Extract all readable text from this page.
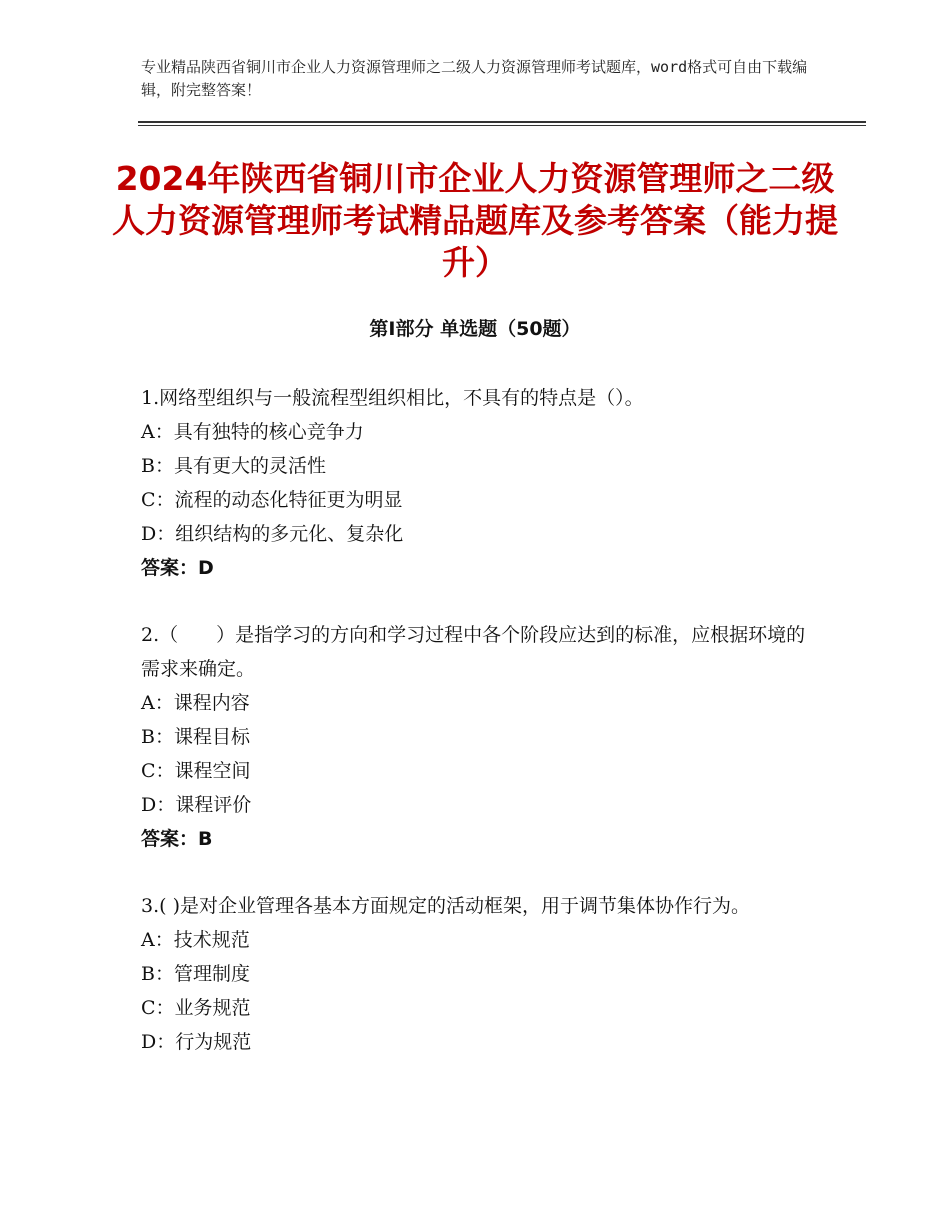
专业精品陕西省铜川市企业人力资源管理师之二级人力资源管理师考试题库，word格式可自由下载编辑，附完整答案！
2024年陕西省铜川市企业人力资源管理师之二级人力资源管理师考试精品题库及参考答案（能力提升）
第Ⅰ部分 单选题（50题）
1.网络型组织与一般流程型组织相比，不具有的特点是（）。
A：具有独特的核心竞争力
B：具有更大的灵活性
C：流程的动态化特征更为明显
D：组织结构的多元化、复杂化
答案：D
2.（　　）是指学习的方向和学习过程中各个阶段应达到的标准，应根据环境的需求来确定。
A：课程内容
B：课程目标
C：课程空间
D：课程评价
答案：B
3.( )是对企业管理各基本方面规定的活动框架，用于调节集体协作行为。
A：技术规范
B：管理制度
C：业务规范
D：行为规范
